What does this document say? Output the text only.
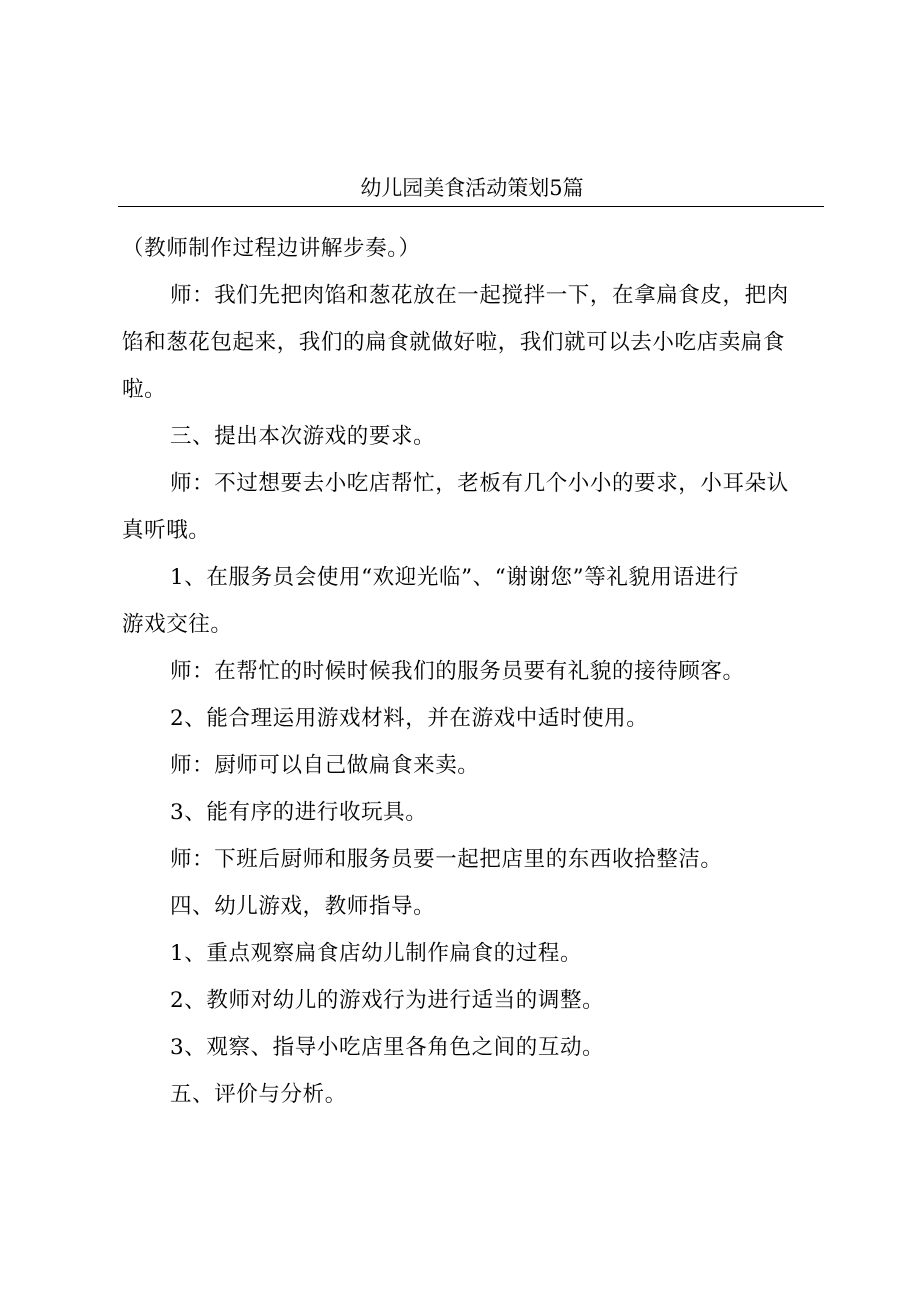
幼儿园美食活动策划5篇

（教师制作过程边讲解步奏。）

师：我们先把肉馅和葱花放在一起搅拌一下，在拿扁食皮，把肉

馅和葱花包起来，我们的扁食就做好啦，我们就可以去小吃店卖扁食

啦。

三、提出本次游戏的要求。

师：不过想要去小吃店帮忙，老板有几个小小的要求，小耳朵认

真听哦。

1、在服务员会使用“欢迎光临”、“谢谢您”等礼貌用语进行

游戏交往。

师：在帮忙的时候时候我们的服务员要有礼貌的接待顾客。

2、能合理运用游戏材料，并在游戏中适时使用。

师：厨师可以自己做扁食来卖。

3、能有序的进行收玩具。

师：下班后厨师和服务员要一起把店里的东西收拾整洁。

四、幼儿游戏，教师指导。

1、重点观察扁食店幼儿制作扁食的过程。

2、教师对幼儿的游戏行为进行适当的调整。

3、观察、指导小吃店里各角色之间的互动。

五、评价与分析。
